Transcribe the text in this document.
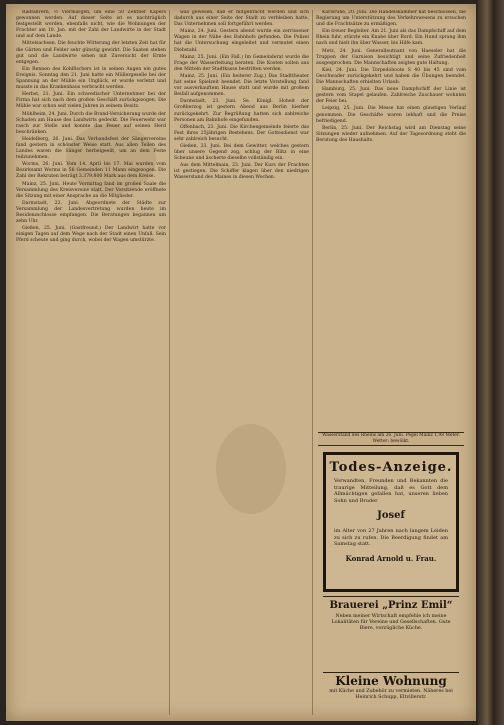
Radfahrern, ½ Viermargen, um eine 50 Zentner Kapers gewonnen werden. Auf dieser Seite ist es nachträglich festgestellt worden, ebenfalls nicht, wie die Wohnungen der Frachter am 10. Jan. mit der Zahl der Landwirte in der Stadt und auf dem Lande.

Mittelsachsen. Die feuchte Witterung der letzten Zeit hat für die Gärten und Felder sehr günstig gewirkt. Die Saaten stehen gut und die Landwirte sehen mit Zuversicht der Ernte entgegen.

Ein Rennen des Kohlfischers ist in seinen Augen ein gutes Ereignis. Sonntag den 21. Juni hatte ein Müllergeselle bei der Spannung an der Mühle ein Unglück, er wurde verletzt und musste in das Krankenhaus verbracht werden.

Herbst, 21. Juni. Ein schwedischer Unternehmer bei der Firma hat sich nach dem großen Geschäft zurückgezogen. Die Mühle war schon seit vielen Jahren in seinem Besitz.

Mühlheim, 24. Juni. Durch die Brand-Versicherung wurde der Schaden am Hause des Landwirts gedeckt. Die Feuerwehr war rasch zur Stelle und konnte das Feuer auf seinen Herd beschränken.

Heidelberg, 26. Juni. Das Verbandsfest der Sängervereine fand gestern in schönster Weise statt. Aus allen Teilen des Landes waren die Sänger herbeigeeilt, um an dem Feste teilzunehmen.

Worms, 26. Juni. Vom 14. April bis 17. Mai wurden vom Bezirksamt Worms in 56 Gemeinden 11 Mann eingezogen. Die Zahl der Rekruten beträgt 3.379.800 Mark aus dem Kreise.

Mainz, 25. Juni. Heute Vormittag fand im großen Saale die Versammlung des Kreisvereins statt. Der Vorsitzende eröffnete die Sitzung mit einer Ansprache an die Mitglieder.

Darmstadt, 22. Juni. Abgeordnete der Städte zur Versammlung der Landesvertretung wurden heute im Residenzschlosse empfangen. Die Beratungen begannen um zehn Uhr.

Gießen, 25. Juni. (Gastfreund.) Der Landwirt hatte vor einigen Tagen auf dem Wege nach der Stadt einen Unfall. Sein Pferd scheute und ging durch, wobei der Wagen umstürzte.

was gewesen, daß er mitgebracht werden und sich dadurch aus einer Seite der Stadt zu verbleiben hatte. Das Unternehmen soll fortgeführt werden.

Mainz, 24. Juni. Gestern abend wurde ein zerrissener Wagen in der Nähe des Bahnhofs gefunden. Die Polizei hat die Untersuchung eingeleitet und vermutet einen Diebstahl.

Mainz, 25. Juni. (Ein Fall.) Im Gemeinderat wurde die Frage der Wasserleitung beraten. Die Kosten sollen aus den Mitteln der Stadtkasse bestritten werden.

Mainz, 25. Juni. (Ein heiterer Zug.) Das Stadttheater hat seine Spielzeit beendet. Die letzte Vorstellung fand vor ausverkauftem Hause statt und wurde mit großem Beifall aufgenommen.

Darmstadt, 23. Juni. Se. Königl. Hoheit der Großherzog ist gestern Abend aus Berlin hierher zurückgekehrt. Zur Begrüßung hatten sich zahlreiche Personen am Bahnhofe eingefunden.

Offenbach, 23. Juni. Die Kirchengemeinde feierte das Fest ihres 25jährigen Bestehens. Der Gottesdienst war sehr zahlreich besucht.

Gießen, 23. Juni. Bei dem Gewitter, welches gestern über unsere Gegend zog, schlug der Blitz in eine Scheune und äscherte dieselbe vollständig ein.

Aus dem Mittelmain, 23. Juni. Der Kurs der Frachten ist gestiegen. Die Schiffer klagen über den niedrigen Wasserstand des Maines in diesen Wochen.

Karlsruhe, 20. Juni. Die Handelskammer hat beschlossen, die Regierung um Unterstützung des Verkehrswesens zu ersuchen und die Frachtsätze zu ermäßigen.

Ein treuer Begleiter. Am 21. Juni als das Dampfschiff auf dem Rhein fuhr, stürzte ein Knabe über Bord. Ein Hund sprang ihm nach und hielt ihn über Wasser, bis Hilfe kam.

Metz, 24. Juni. Generalleutnant von Haeseler hat die Truppen der Garnison besichtigt und seine Zufriedenheit ausgesprochen. Die Mannschaften zeigten gute Haltung.

Kiel, 24. Juni. Die Torpedoboote S 40 bis 45 sind vom Geschwader zurückgekehrt und haben die Übungen beendet. Die Mannschaften erhielten Urlaub.

Hamburg, 25. Juni. Das neue Dampfschiff der Linie ist gestern vom Stapel gelaufen. Zahlreiche Zuschauer wohnten der Feier bei.

Leipzig, 25. Juni. Die Messe hat einen günstigen Verlauf genommen. Die Geschäfte waren lebhaft und die Preise befriedigend.

Berlin, 25. Juni. Der Reichstag wird am Dienstag seine Sitzungen wieder aufnehmen. Auf der Tagesordnung steht die Beratung des Haushalts.

Wasserstand des Rheins am 26. Juni. Pegel Mainz 1,98 Meter. Wetter: bewölkt.
Todes-Anzeige.
Verwandten, Freunden und Bekannten die traurige Mitteilung, daß es Gott dem Allmächtigen gefallen hat, unseren lieben Sohn und Bruder
Josef
im Alter von 27 Jahren nach langem Leiden zu sich zu rufen. Die Beerdigung findet am Samstag statt.
Konrad Arnold u. Frau.
Brauerei „Prinz Emil“
Neben meiner Wirtschaft empfehle ich meine Lokalitäten für Vereine und Gesellschaften. Gute Biere, vorzügliche Küche.
Kleine Wohnung
mit Küche und Zubehör zu vermieten. Näheres bei Heinrich Schupp, Eltvillerstr.
